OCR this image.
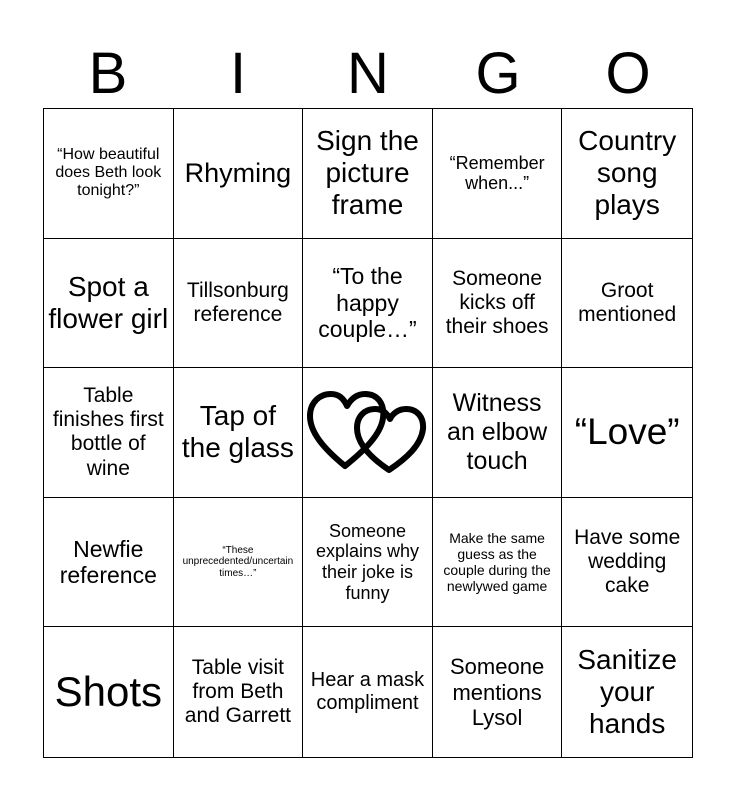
B	I	N	G	O
“How beautiful does Beth look tonight?”
Rhyming
Sign the picture frame
“Remember when...”
Country song plays
Spot a flower girl
Tillsonburg reference
“To the happy couple…”
Someone kicks off their shoes
Groot mentioned
Table finishes first bottle of wine
Tap of the glass
Witness an elbow touch
“Love”
Newfie reference
“These unprecedented/uncertain times…”
Someone explains why their joke is funny
Make the same guess as the couple during the newlywed game
Have some wedding cake
Shots
Table visit from Beth and Garrett
Hear a mask compliment
Someone mentions Lysol
Sanitize your hands
